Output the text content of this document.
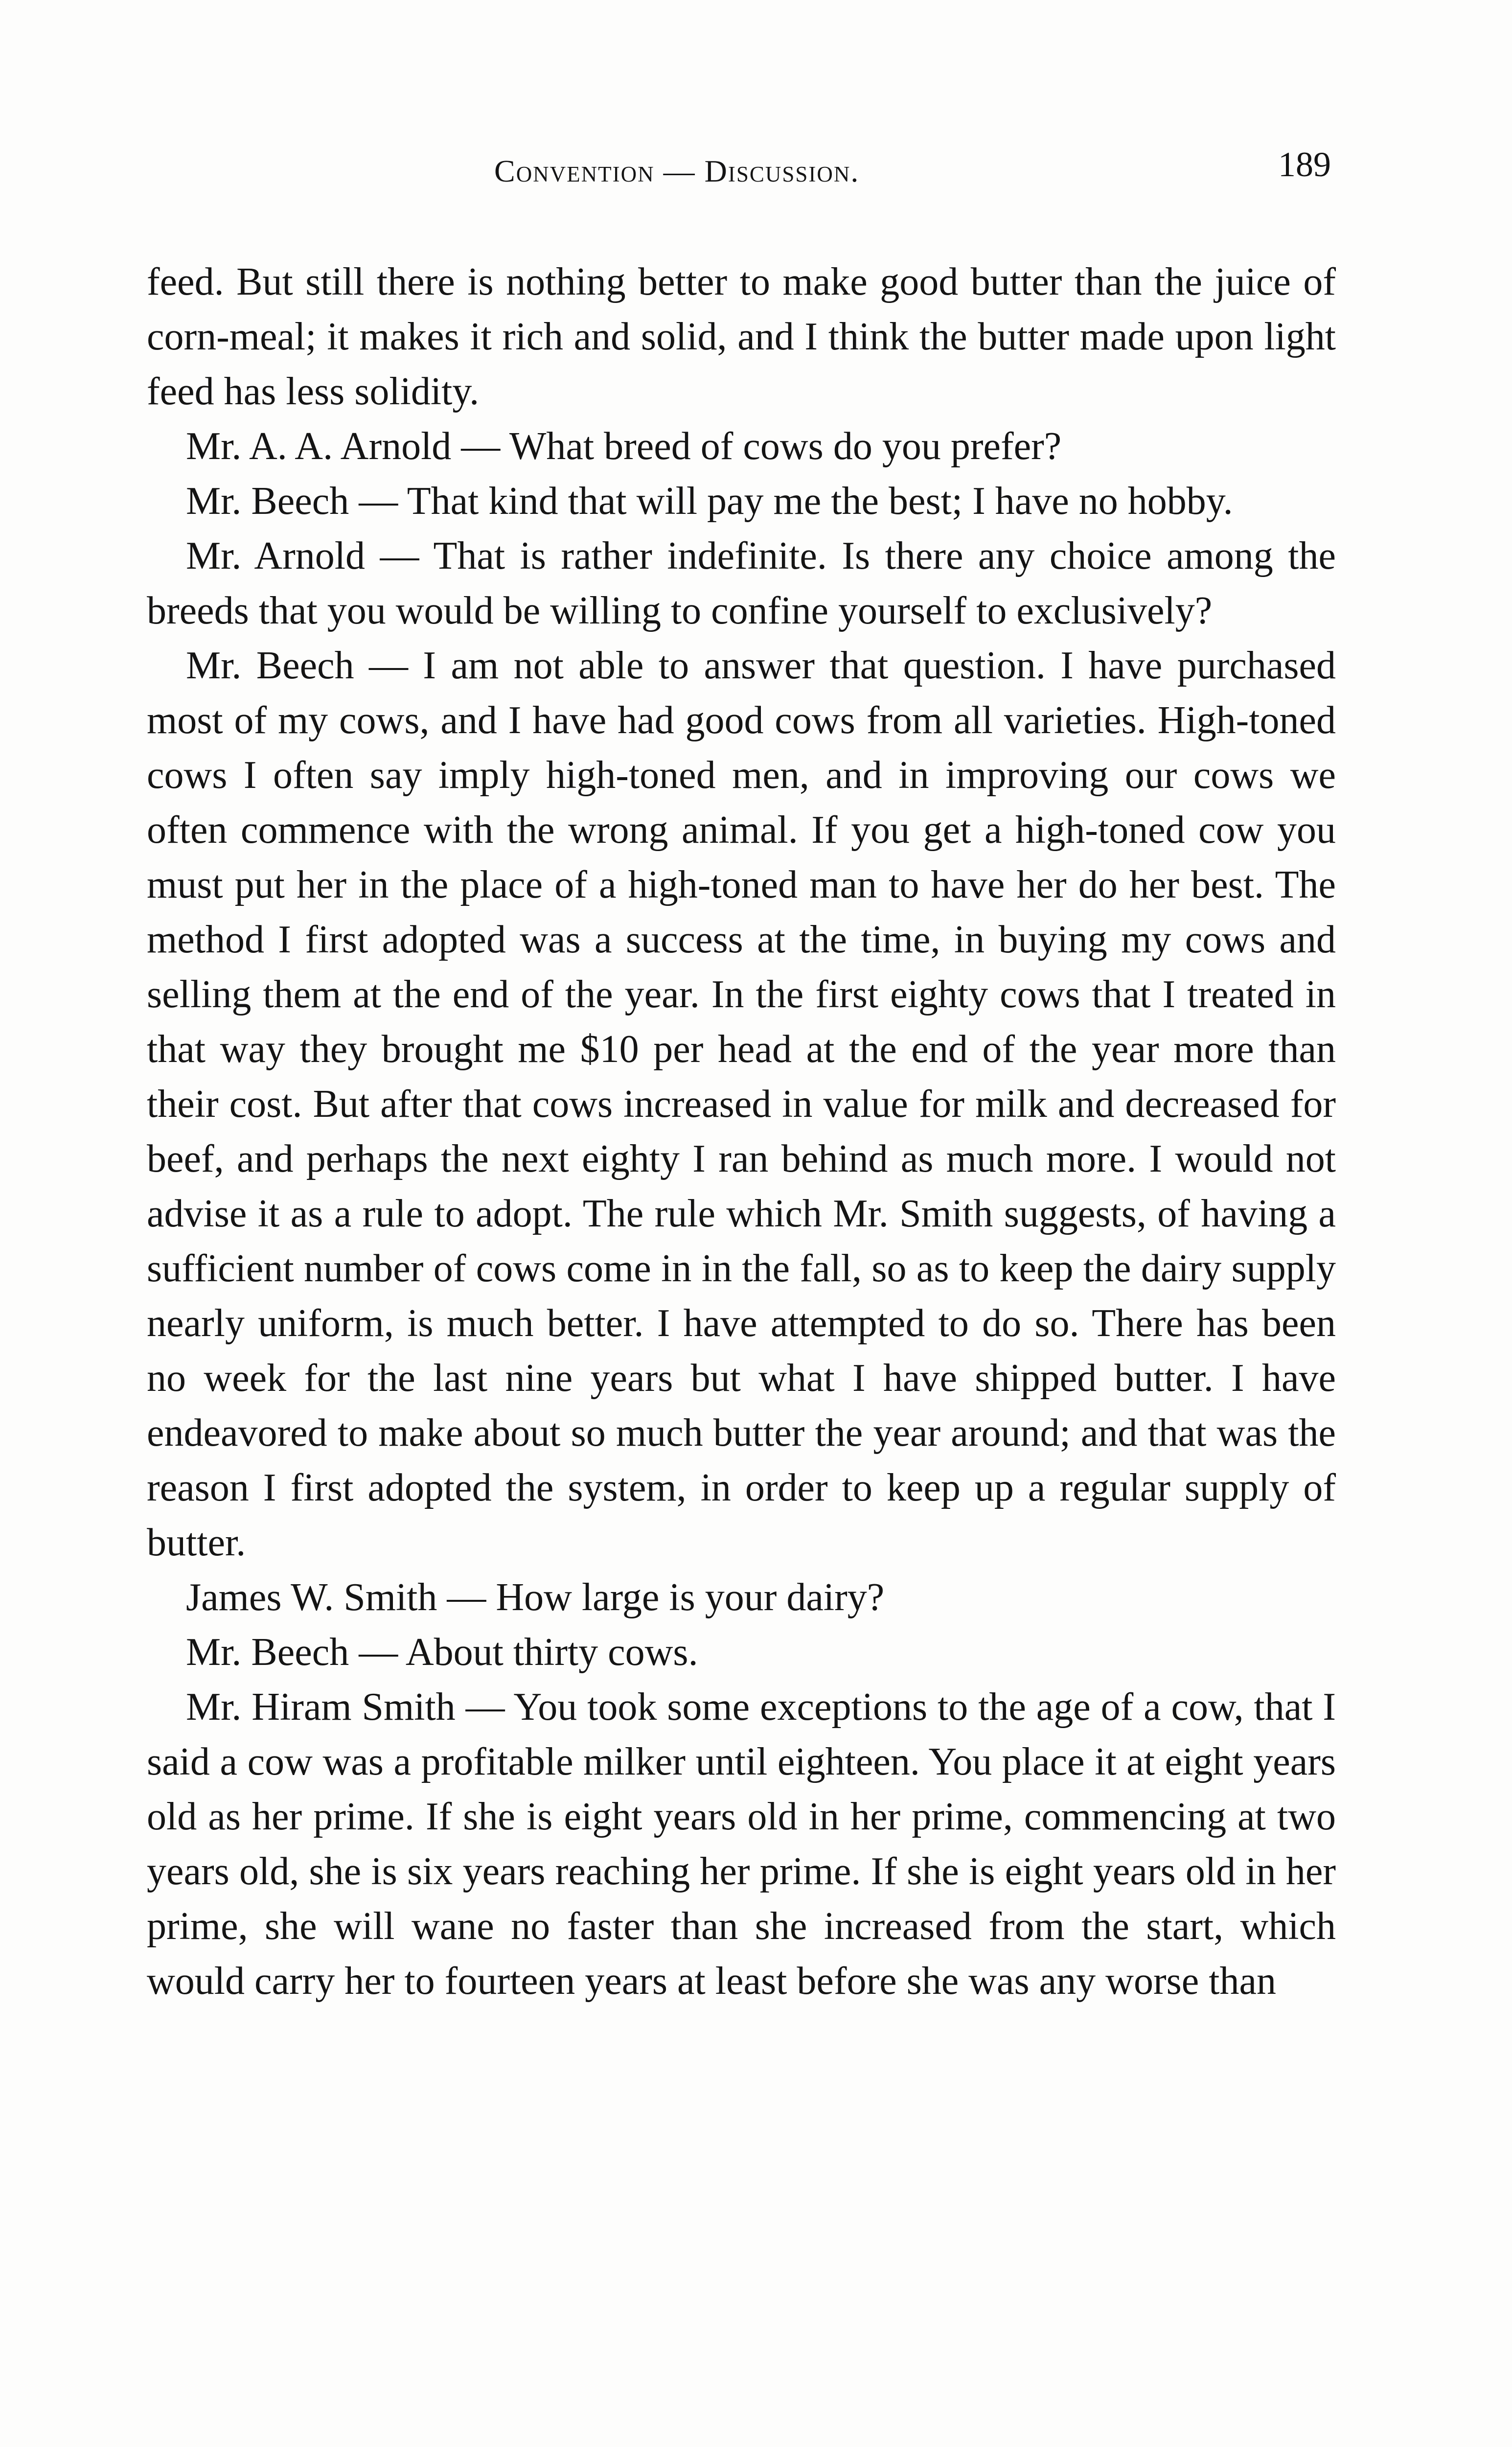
Convention — Discussion.	189

feed. But still there is nothing better to make good butter than the juice of corn-meal; it makes it rich and solid, and I think the butter made upon light feed has less solidity.

Mr. A. A. Arnold — What breed of cows do you prefer?

Mr. Beech — That kind that will pay me the best; I have no hobby.

Mr. Arnold — That is rather indefinite. Is there any choice among the breeds that you would be willing to confine yourself to exclusively?

Mr. Beech — I am not able to answer that question. I have purchased most of my cows, and I have had good cows from all varieties. High-toned cows I often say imply high-toned men, and in improving our cows we often commence with the wrong animal. If you get a high-toned cow you must put her in the place of a high-toned man to have her do her best. The method I first adopted was a success at the time, in buying my cows and selling them at the end of the year. In the first eighty cows that I treated in that way they brought me $10 per head at the end of the year more than their cost. But after that cows increased in value for milk and decreased for beef, and perhaps the next eighty I ran behind as much more. I would not advise it as a rule to adopt. The rule which Mr. Smith suggests, of having a sufficient number of cows come in in the fall, so as to keep the dairy supply nearly uniform, is much better. I have attempted to do so. There has been no week for the last nine years but what I have shipped butter. I have endeavored to make about so much butter the year around; and that was the reason I first adopted the system, in order to keep up a regular supply of butter.

James W. Smith — How large is your dairy?

Mr. Beech — About thirty cows.

Mr. Hiram Smith — You took some exceptions to the age of a cow, that I said a cow was a profitable milker until eighteen. You place it at eight years old as her prime. If she is eight years old in her prime, commencing at two years old, she is six years reaching her prime. If she is eight years old in her prime, she will wane no faster than she increased from the start, which would carry her to fourteen years at least before she was any worse than
